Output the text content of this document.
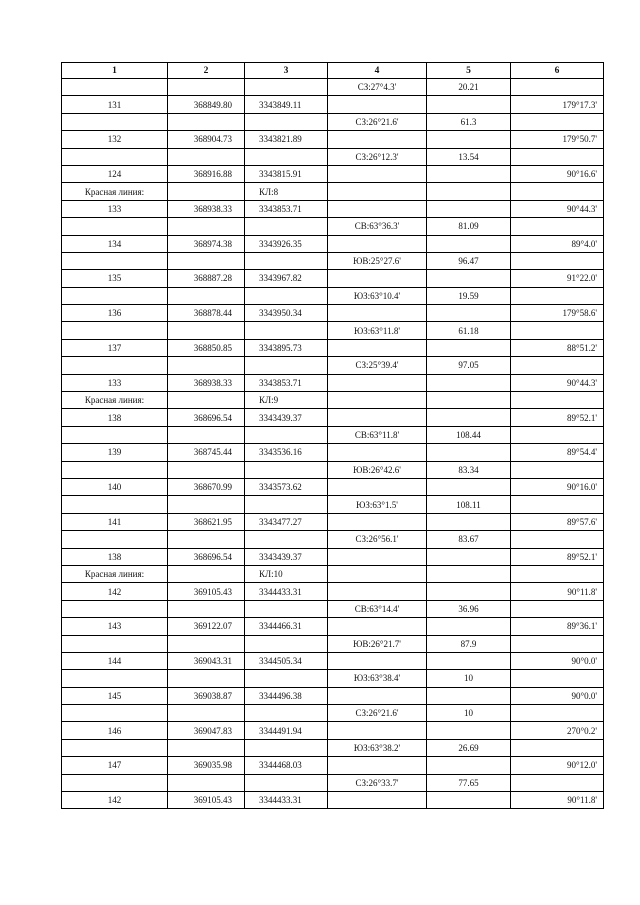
1	2	3	4	5	6
			СЗ:27°4.3'	20.21	
131	368849.80	3343849.11			179°17.3'
			СЗ:26°21.6'	61.3	
132	368904.73	3343821.89			179°50.7'
			СЗ:26°12.3'	13.54	
124	368916.88	3343815.91			90°16.6'
Красная линия:		КЛ:8			
133	368938.33	3343853.71			90°44.3'
			СВ:63°36.3'	81.09	
134	368974.38	3343926.35			89°4.0'
			ЮВ:25°27.6'	96.47	
135	368887.28	3343967.82			91°22.0'
			ЮЗ:63°10.4'	19.59	
136	368878.44	3343950.34			179°58.6'
			ЮЗ:63°11.8'	61.18	
137	368850.85	3343895.73			88°51.2'
			СЗ:25°39.4'	97.05	
133	368938.33	3343853.71			90°44.3'
Красная линия:		КЛ:9			
138	368696.54	3343439.37			89°52.1'
			СВ:63°11.8'	108.44	
139	368745.44	3343536.16			89°54.4'
			ЮВ:26°42.6'	83.34	
140	368670.99	3343573.62			90°16.0'
			ЮЗ:63°1.5'	108.11	
141	368621.95	3343477.27			89°57.6'
			СЗ:26°56.1'	83.67	
138	368696.54	3343439.37			89°52.1'
Красная линия:		КЛ:10			
142	369105.43	3344433.31			90°11.8'
			СВ:63°14.4'	36.96	
143	369122.07	3344466.31			89°36.1'
			ЮВ:26°21.7'	87.9	
144	369043.31	3344505.34			90°0.0'
			ЮЗ:63°38.4'	10	
145	369038.87	3344496.38			90°0.0'
			СЗ:26°21.6'	10	
146	369047.83	3344491.94			270°0.2'
			ЮЗ:63°38.2'	26.69	
147	369035.98	3344468.03			90°12.0'
			СЗ:26°33.7'	77.65	
142	369105.43	3344433.31			90°11.8'
